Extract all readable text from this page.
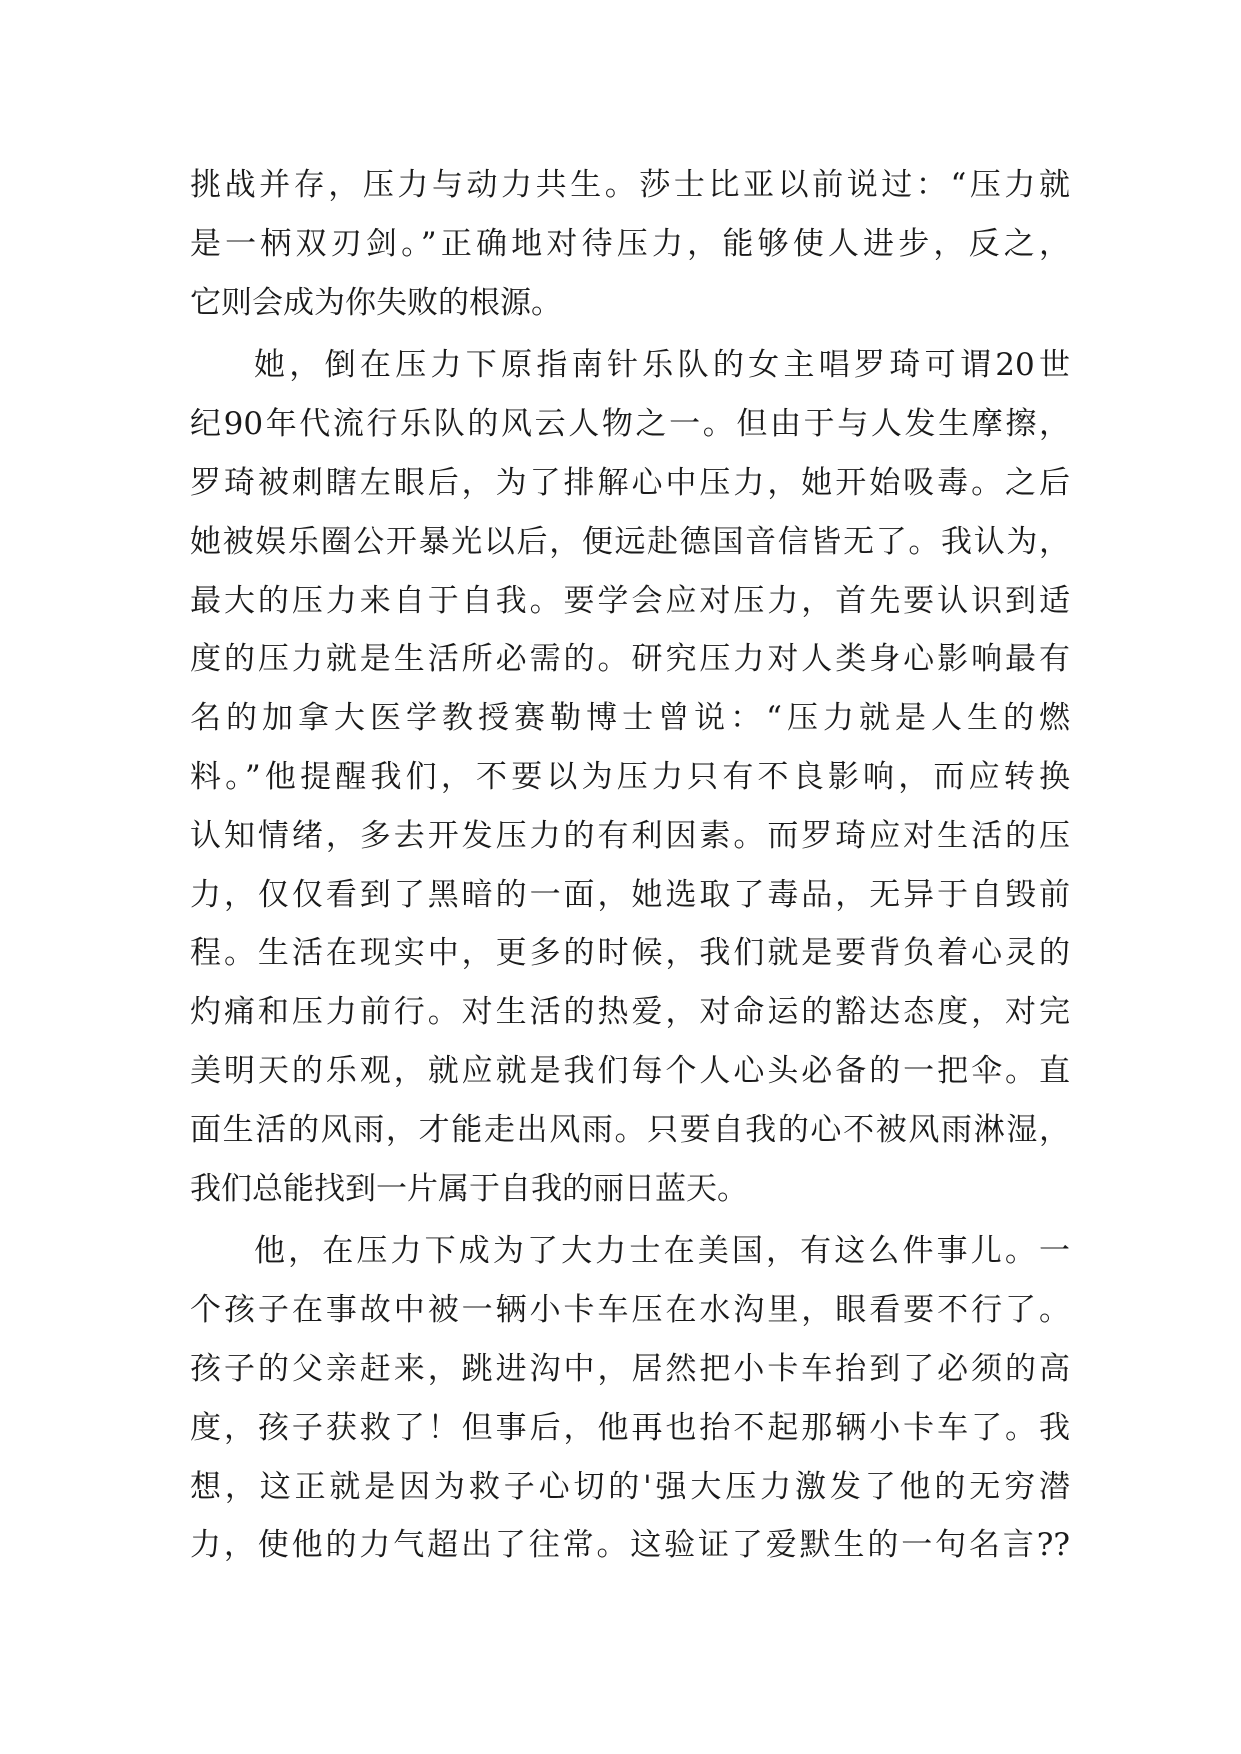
挑战并存，压力与动力共生。莎士比亚以前说过：“压力就
是一柄双刃剑。”正确地对待压力，能够使人进步，反之，
它则会成为你失败的根源。
她，倒在压力下原指南针乐队的女主唱罗琦可谓20世
纪90年代流行乐队的风云人物之一。但由于与人发生摩擦，
罗琦被刺瞎左眼后，为了排解心中压力，她开始吸毒。之后
她被娱乐圈公开暴光以后，便远赴德国音信皆无了。我认为，
最大的压力来自于自我。要学会应对压力，首先要认识到适
度的压力就是生活所必需的。研究压力对人类身心影响最有
名的加拿大医学教授赛勒博士曾说：“压力就是人生的燃
料。”他提醒我们，不要以为压力只有不良影响，而应转换
认知情绪，多去开发压力的有利因素。而罗琦应对生活的压
力，仅仅看到了黑暗的一面，她选取了毒品，无异于自毁前
程。生活在现实中，更多的时候，我们就是要背负着心灵的
灼痛和压力前行。对生活的热爱，对命运的豁达态度，对完
美明天的乐观，就应就是我们每个人心头必备的一把伞。直
面生活的风雨，才能走出风雨。只要自我的心不被风雨淋湿，
我们总能找到一片属于自我的丽日蓝天。
他，在压力下成为了大力士在美国，有这么件事儿。一
个孩子在事故中被一辆小卡车压在水沟里，眼看要不行了。
孩子的父亲赶来，跳进沟中，居然把小卡车抬到了必须的高
度，孩子获救了！但事后，他再也抬不起那辆小卡车了。我
想，这正就是因为救子心切的'强大压力激发了他的无穷潜
力，使他的力气超出了往常。这验证了爱默生的一句名言??
